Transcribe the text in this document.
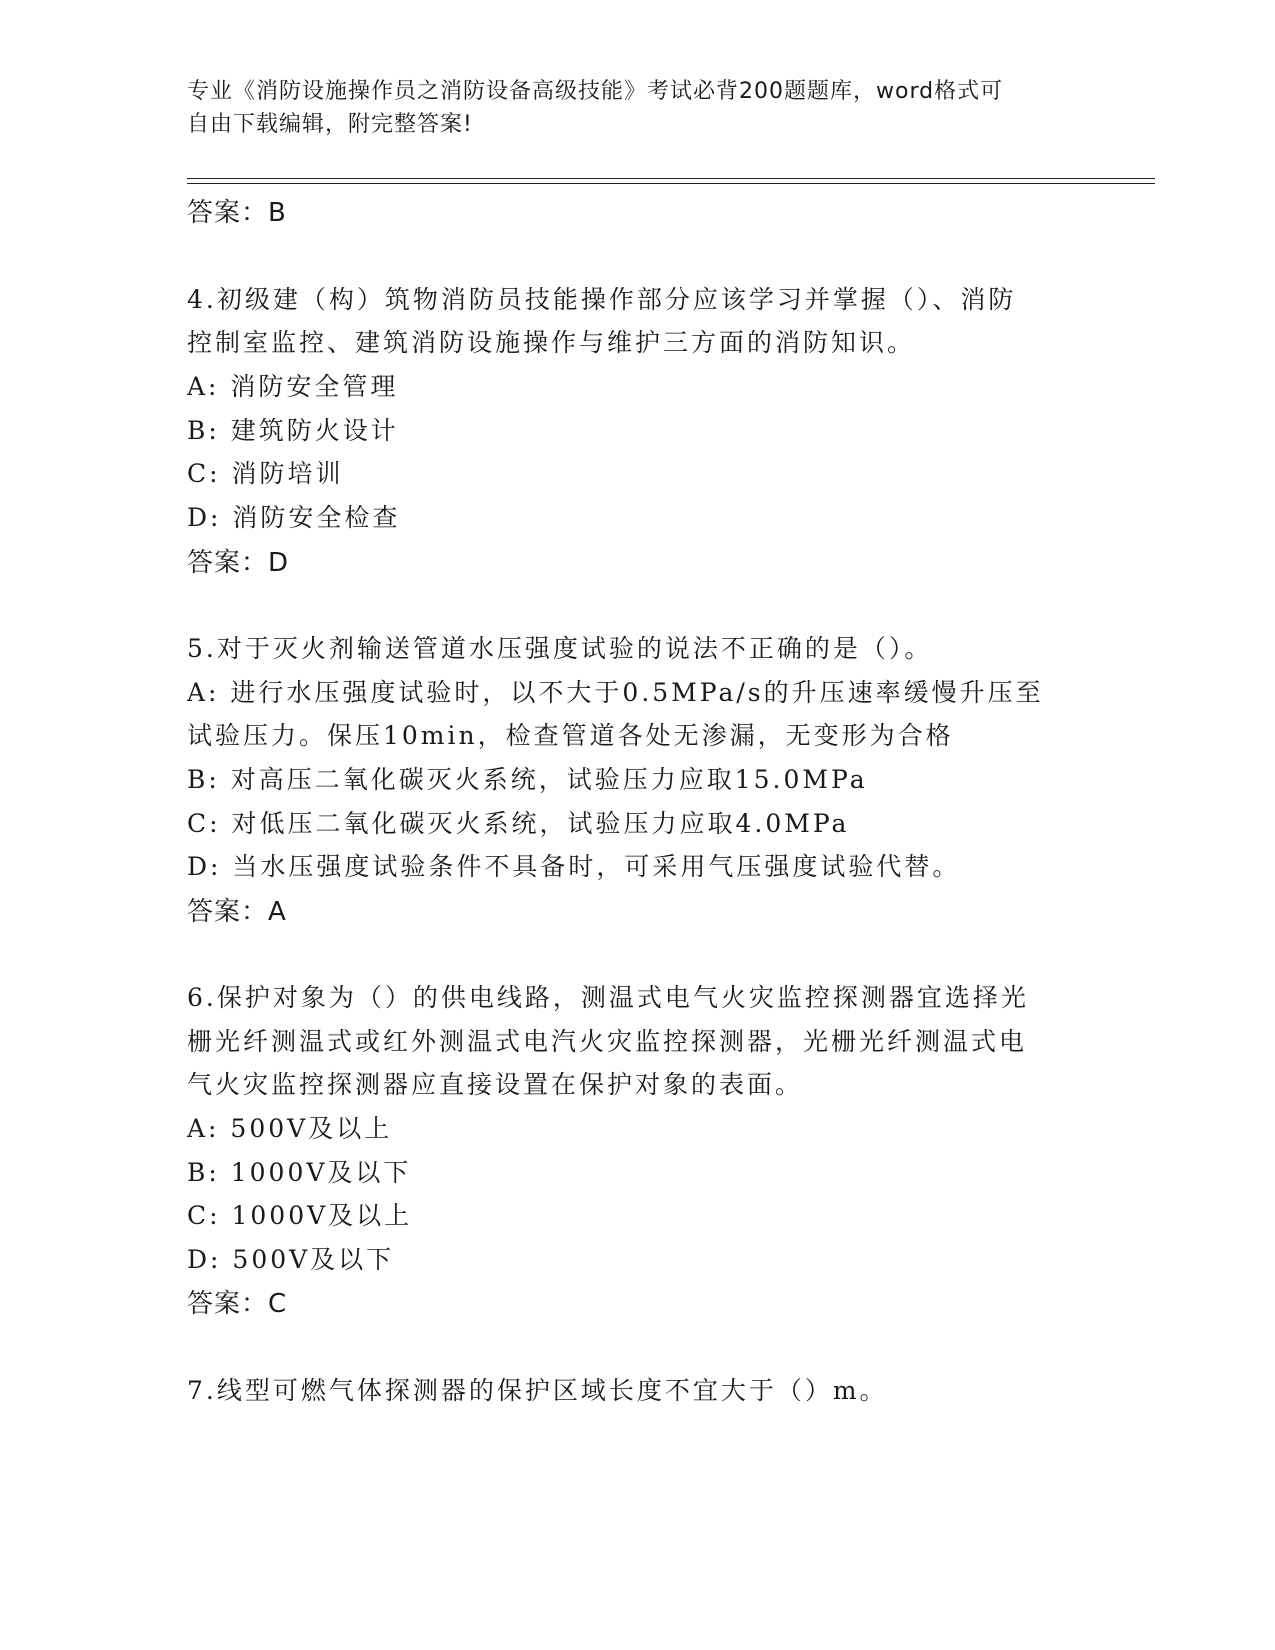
专业《消防设施操作员之消防设备高级技能》考试必背200题题库，word格式可
自由下载编辑，附完整答案!
答案：B
4.初级建（构）筑物消防员技能操作部分应该学习并掌握（）、消防
控制室监控、建筑消防设施操作与维护三方面的消防知识。
A: 消防安全管理
B: 建筑防火设计
C: 消防培训
D: 消防安全检查
答案：D
5.对于灭火剂输送管道水压强度试验的说法不正确的是（）。
A: 进行水压强度试验时，以不大于0.5MPa/s的升压速率缓慢升压至
试验压力。保压10min，检查管道各处无渗漏，无变形为合格
B: 对高压二氧化碳灭火系统，试验压力应取15.0MPa
C: 对低压二氧化碳灭火系统，试验压力应取4.0MPa
D: 当水压强度试验条件不具备时，可采用气压强度试验代替。
答案：A
6.保护对象为（）的供电线路，测温式电气火灾监控探测器宜选择光
栅光纤测温式或红外测温式电汽火灾监控探测器，光栅光纤测温式电
气火灾监控探测器应直接设置在保护对象的表面。
A: 500V及以上
B: 1000V及以下
C: 1000V及以上
D: 500V及以下
答案：C
7.线型可燃气体探测器的保护区域长度不宜大于（）m。
